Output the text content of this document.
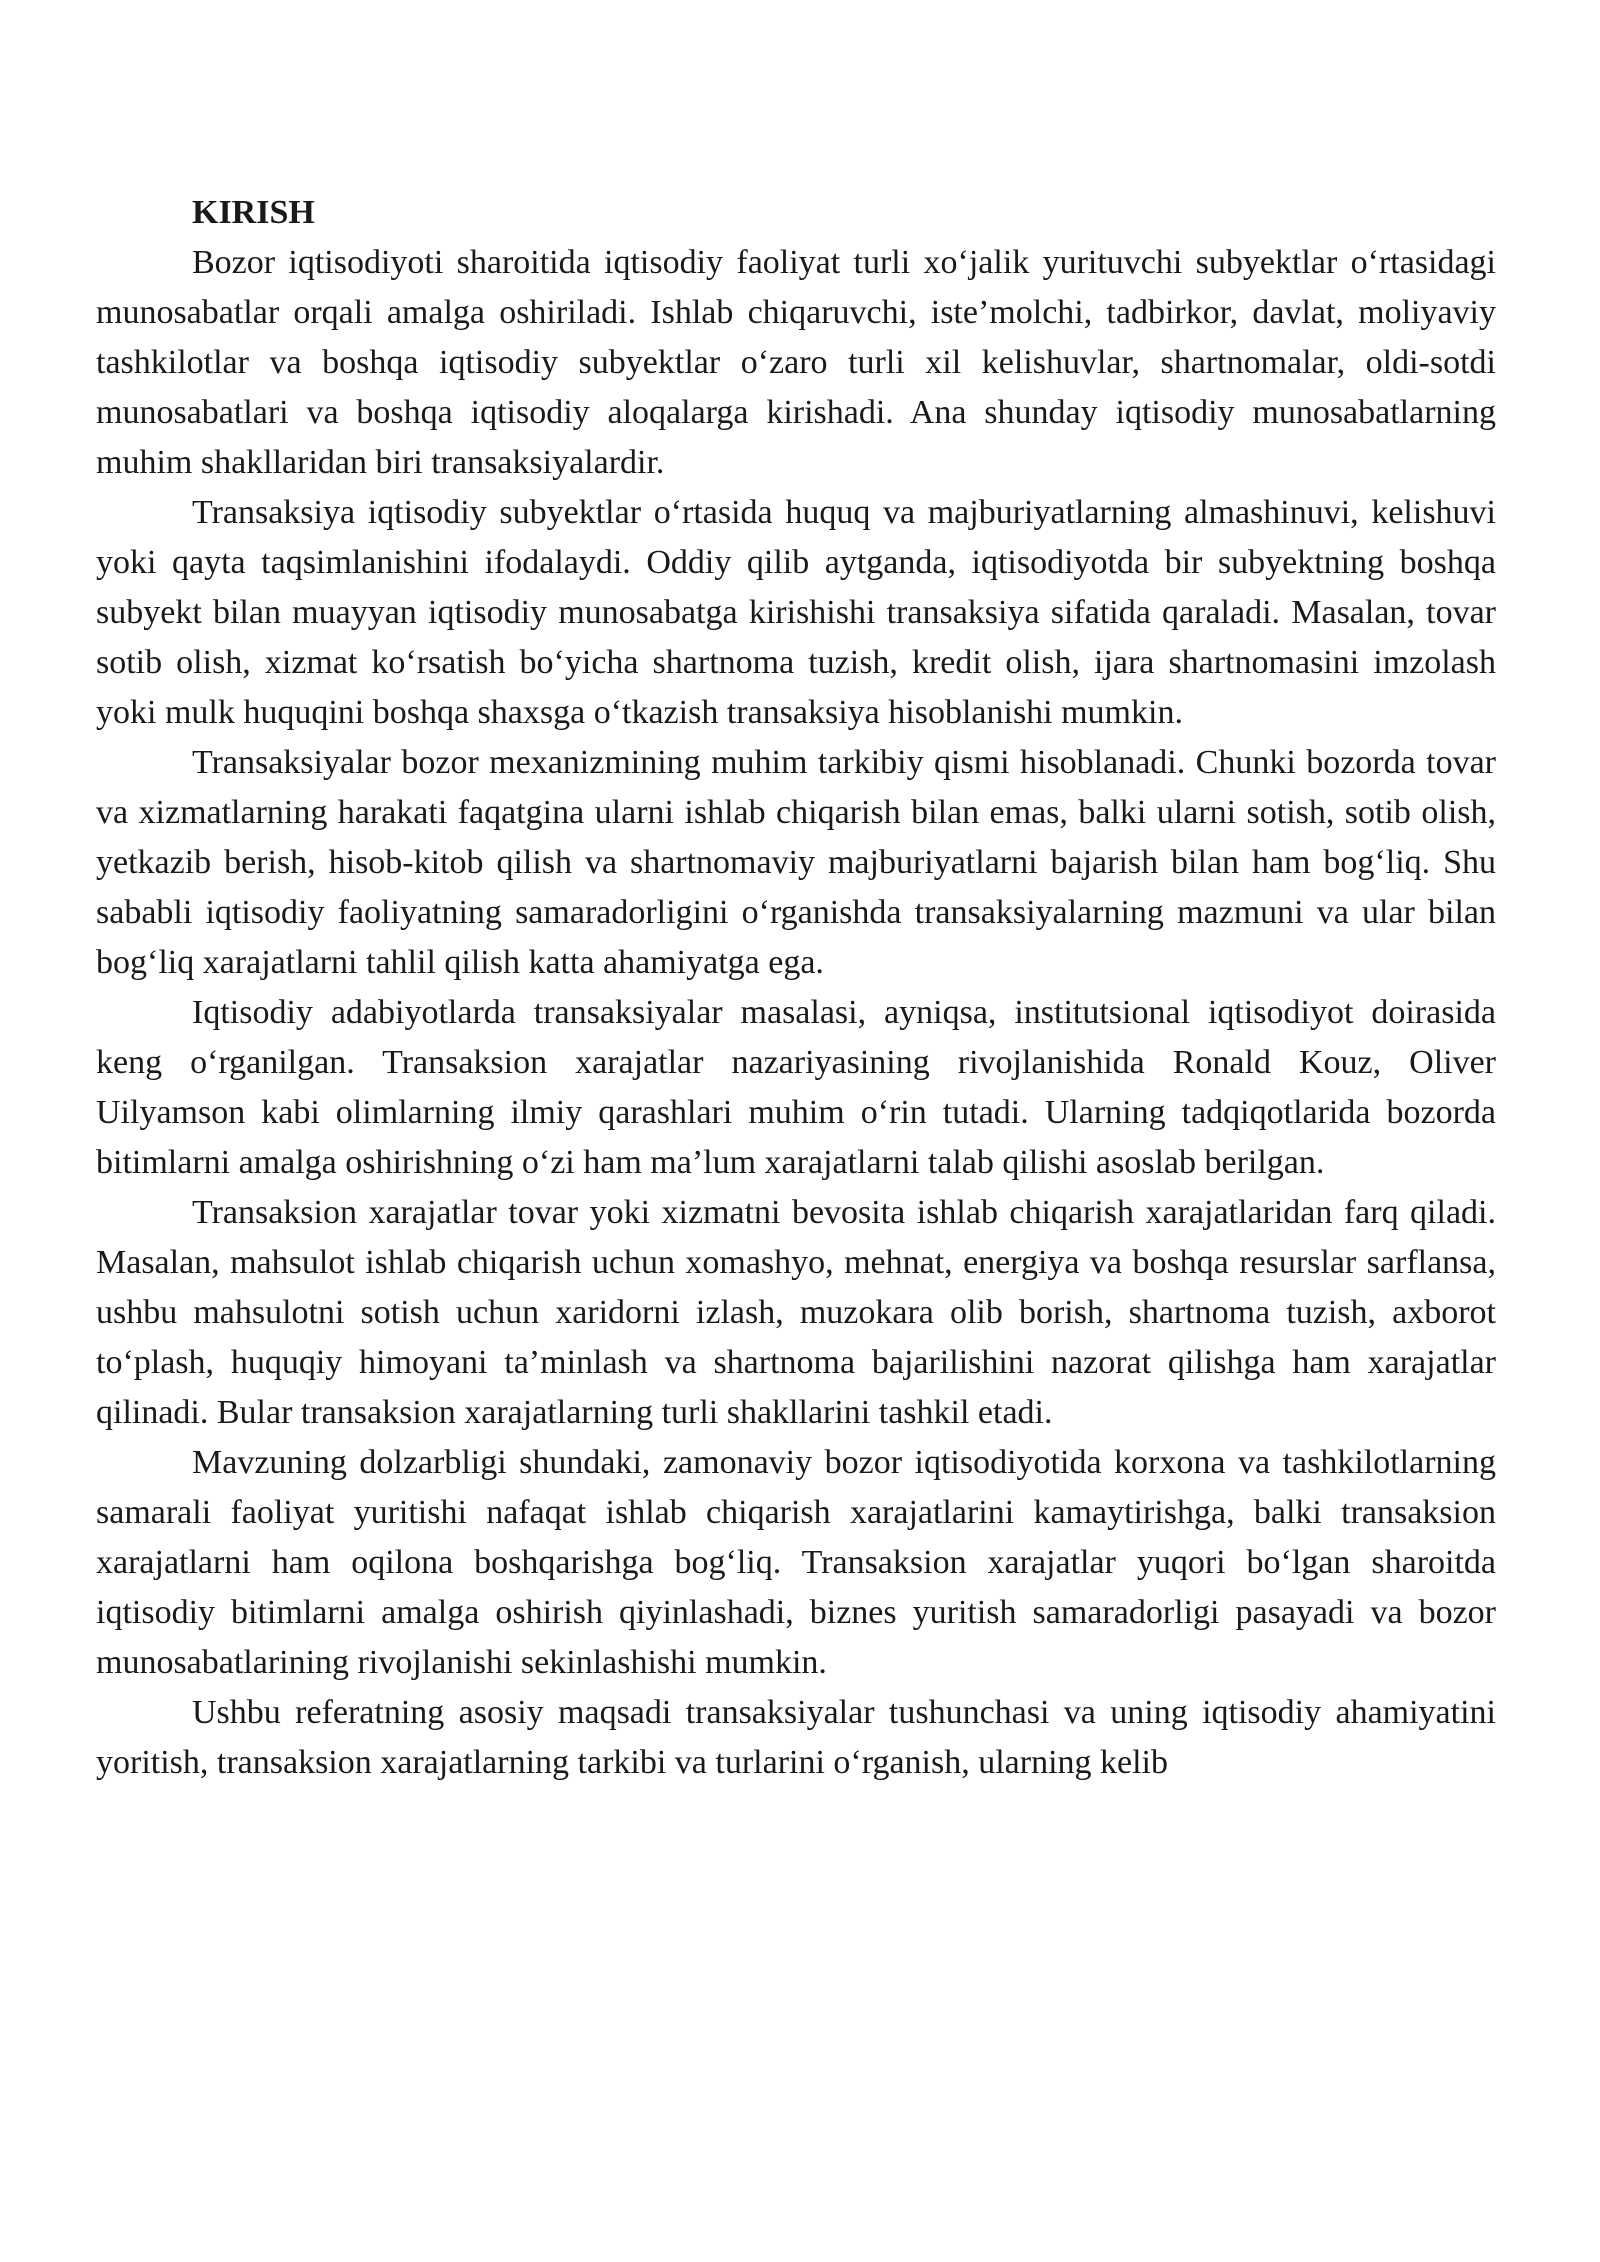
KIRISH

Bozor iqtisodiyoti sharoitida iqtisodiy faoliyat turli xo‘jalik yurituvchi subyektlar o‘rtasidagi munosabatlar orqali amalga oshiriladi. Ishlab chiqaruvchi, iste’molchi, tadbirkor, davlat, moliyaviy tashkilotlar va boshqa iqtisodiy subyektlar o‘zaro turli xil kelishuvlar, shartnomalar, oldi-sotdi munosabatlari va boshqa iqtisodiy aloqalarga kirishadi. Ana shunday iqtisodiy munosabatlarning muhim shakllaridan biri transaksiyalardir.

Transaksiya iqtisodiy subyektlar o‘rtasida huquq va majburiyatlarning almashinuvi, kelishuvi yoki qayta taqsimlanishini ifodalaydi. Oddiy qilib aytganda, iqtisodiyotda bir subyektning boshqa subyekt bilan muayyan iqtisodiy munosabatga kirishishi transaksiya sifatida qaraladi. Masalan, tovar sotib olish, xizmat ko‘rsatish bo‘yicha shartnoma tuzish, kredit olish, ijara shartnomasini imzolash yoki mulk huquqini boshqa shaxsga o‘tkazish transaksiya hisoblanishi mumkin.

Transaksiyalar bozor mexanizmining muhim tarkibiy qismi hisoblanadi. Chunki bozorda tovar va xizmatlarning harakati faqatgina ularni ishlab chiqarish bilan emas, balki ularni sotish, sotib olish, yetkazib berish, hisob-kitob qilish va shartnomaviy majburiyatlarni bajarish bilan ham bog‘liq. Shu sababli iqtisodiy faoliyatning samaradorligini o‘rganishda transaksiyalarning mazmuni va ular bilan bog‘liq xarajatlarni tahlil qilish katta ahamiyatga ega.

Iqtisodiy adabiyotlarda transaksiyalar masalasi, ayniqsa, institutsional iqtisodiyot doirasida keng o‘rganilgan. Transaksion xarajatlar nazariyasining rivojlanishida Ronald Kouz, Oliver Uilyamson kabi olimlarning ilmiy qarashlari muhim o‘rin tutadi. Ularning tadqiqotlarida bozorda bitimlarni amalga oshirishning o‘zi ham ma’lum xarajatlarni talab qilishi asoslab berilgan.

Transaksion xarajatlar tovar yoki xizmatni bevosita ishlab chiqarish xarajatlaridan farq qiladi. Masalan, mahsulot ishlab chiqarish uchun xomashyo, mehnat, energiya va boshqa resurslar sarflansa, ushbu mahsulotni sotish uchun xaridorni izlash, muzokara olib borish, shartnoma tuzish, axborot to‘plash, huquqiy himoyani ta’minlash va shartnoma bajarilishini nazorat qilishga ham xarajatlar qilinadi. Bular transaksion xarajatlarning turli shakllarini tashkil etadi.

Mavzuning dolzarbligi shundaki, zamonaviy bozor iqtisodiyotida korxona va tashkilotlarning samarali faoliyat yuritishi nafaqat ishlab chiqarish xarajatlarini kamaytirishga, balki transaksion xarajatlarni ham oqilona boshqarishga bog‘liq. Transaksion xarajatlar yuqori bo‘lgan sharoitda iqtisodiy bitimlarni amalga oshirish qiyinlashadi, biznes yuritish samaradorligi pasayadi va bozor munosabatlarining rivojlanishi sekinlashishi mumkin.

Ushbu referatning asosiy maqsadi transaksiyalar tushunchasi va uning iqtisodiy ahamiyatini yoritish, transaksion xarajatlarning tarkibi va turlarini o‘rganish, ularning kelib
